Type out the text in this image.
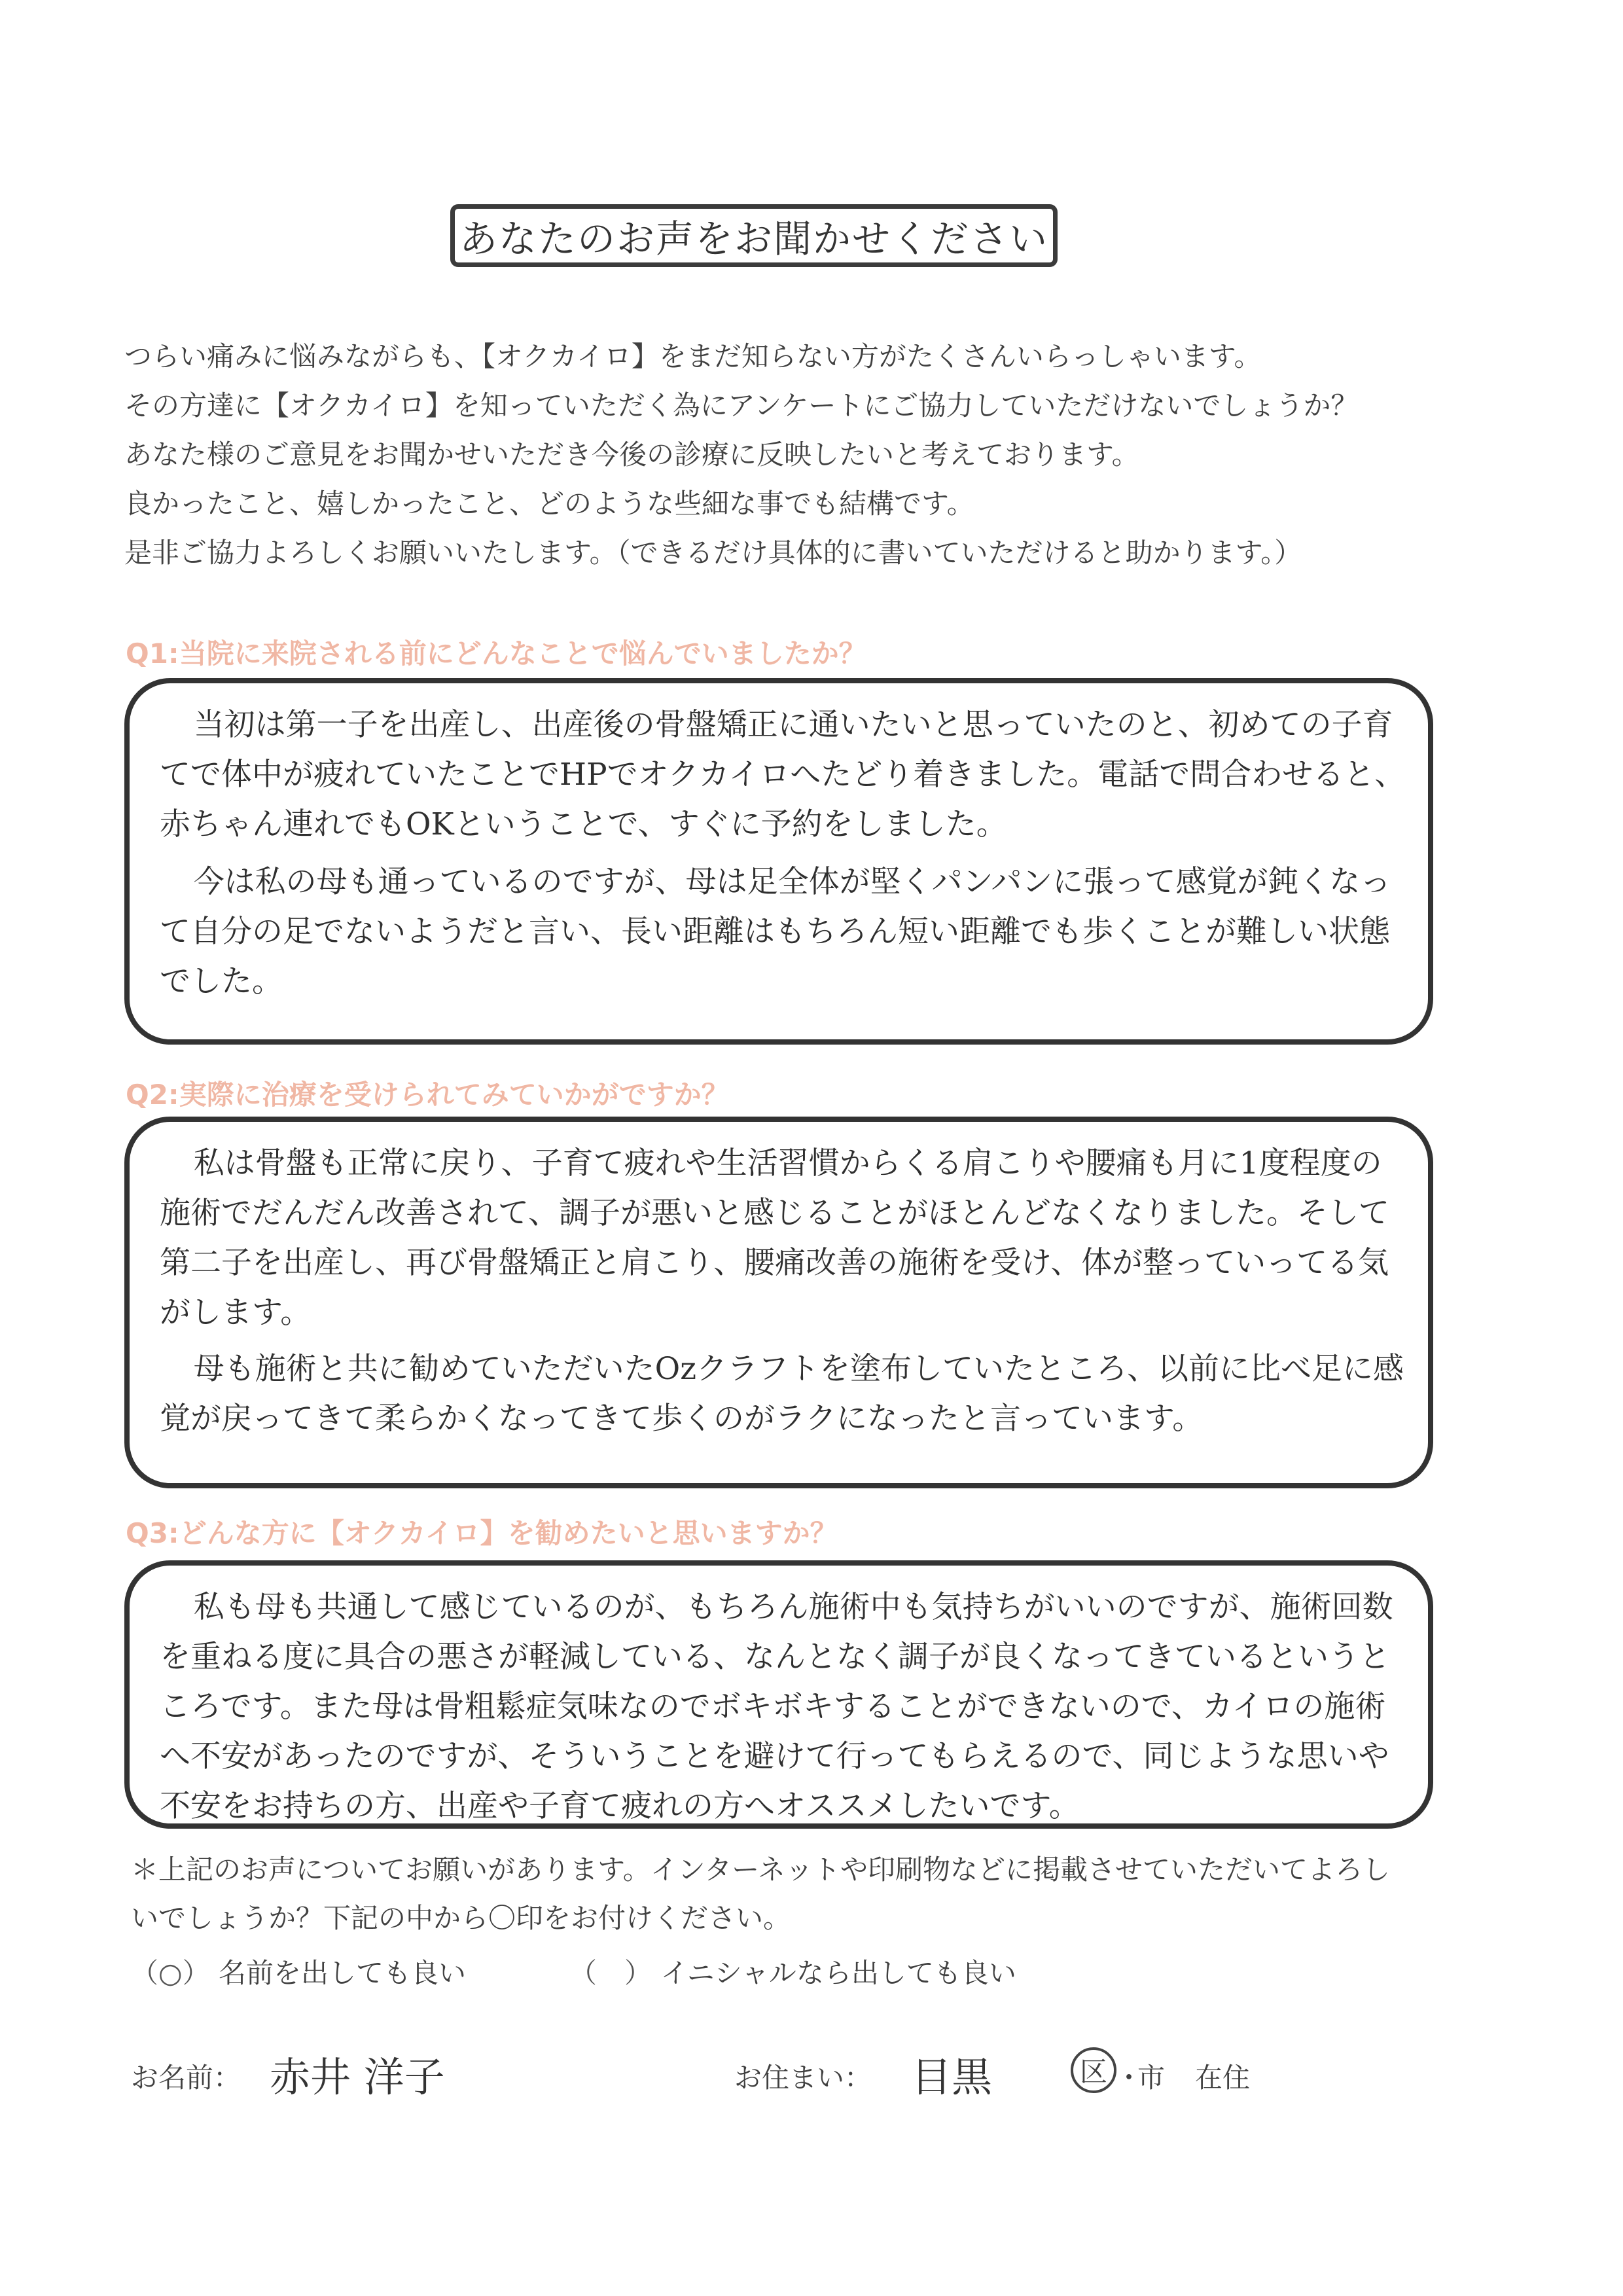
あなたのお声をお聞かせください

つらい痛みに悩みながらも、【オクカイロ】をまだ知らない方がたくさんいらっしゃいます。

その方達に【オクカイロ】を知っていただく為にアンケートにご協力していただけないでしょうか？

あなた様のご意見をお聞かせいただき今後の診療に反映したいと考えております。

良かったこと、嬉しかったこと、どのような些細な事でも結構です。

是非ご協力よろしくお願いいたします。（できるだけ具体的に書いていただけると助かります。）

Q1:当院に来院される前にどんなことで悩んでいましたか？

当初は第一子を出産し、出産後の骨盤矯正に通いたいと思っていたのと、初めての子育てで体中が疲れていたことでHPでオクカイロへたどり着きました。電話で問合わせると、赤ちゃん連れでもOKということで、すぐに予約をしました。

今は私の母も通っているのですが、母は足全体が堅くパンパンに張って感覚が鈍くなって自分の足でないようだと言い、長い距離はもちろん短い距離でも歩くことが難しい状態でした。

Q2:実際に治療を受けられてみていかがですか？

私は骨盤も正常に戻り、子育て疲れや生活習慣からくる肩こりや腰痛も月に1度程度の施術でだんだん改善されて、調子が悪いと感じることがほとんどなくなりました。そして第二子を出産し、再び骨盤矯正と肩こり、腰痛改善の施術を受け、体が整っていってる気がします。

母も施術と共に勧めていただいたOzクラフトを塗布していたところ、以前に比べ足に感覚が戻ってきて柔らかくなってきて歩くのがラクになったと言っています。

Q3:どんな方に【オクカイロ】を勧めたいと思いますか？

私も母も共通して感じているのが、もちろん施術中も気持ちがいいのですが、施術回数を重ねる度に具合の悪さが軽減している、なんとなく調子が良くなってきているというところです。また母は骨粗鬆症気味なのでボキボキすることができないので、カイロの施術へ不安があったのですが、そういうことを避けて行ってもらえるので、同じような思いや不安をお持ちの方、出産や子育て疲れの方へオススメしたいです。

＊上記のお声についてお願いがあります。インターネットや印刷物などに掲載させていただいてよろし

いでしょうか？下記の中から〇印をお付けください。

（○） 名前を出しても良い	（　） イニシャルなら出しても良い
お名前： 赤井 洋子	お住まい： 目黒	区 ・
市 在住
